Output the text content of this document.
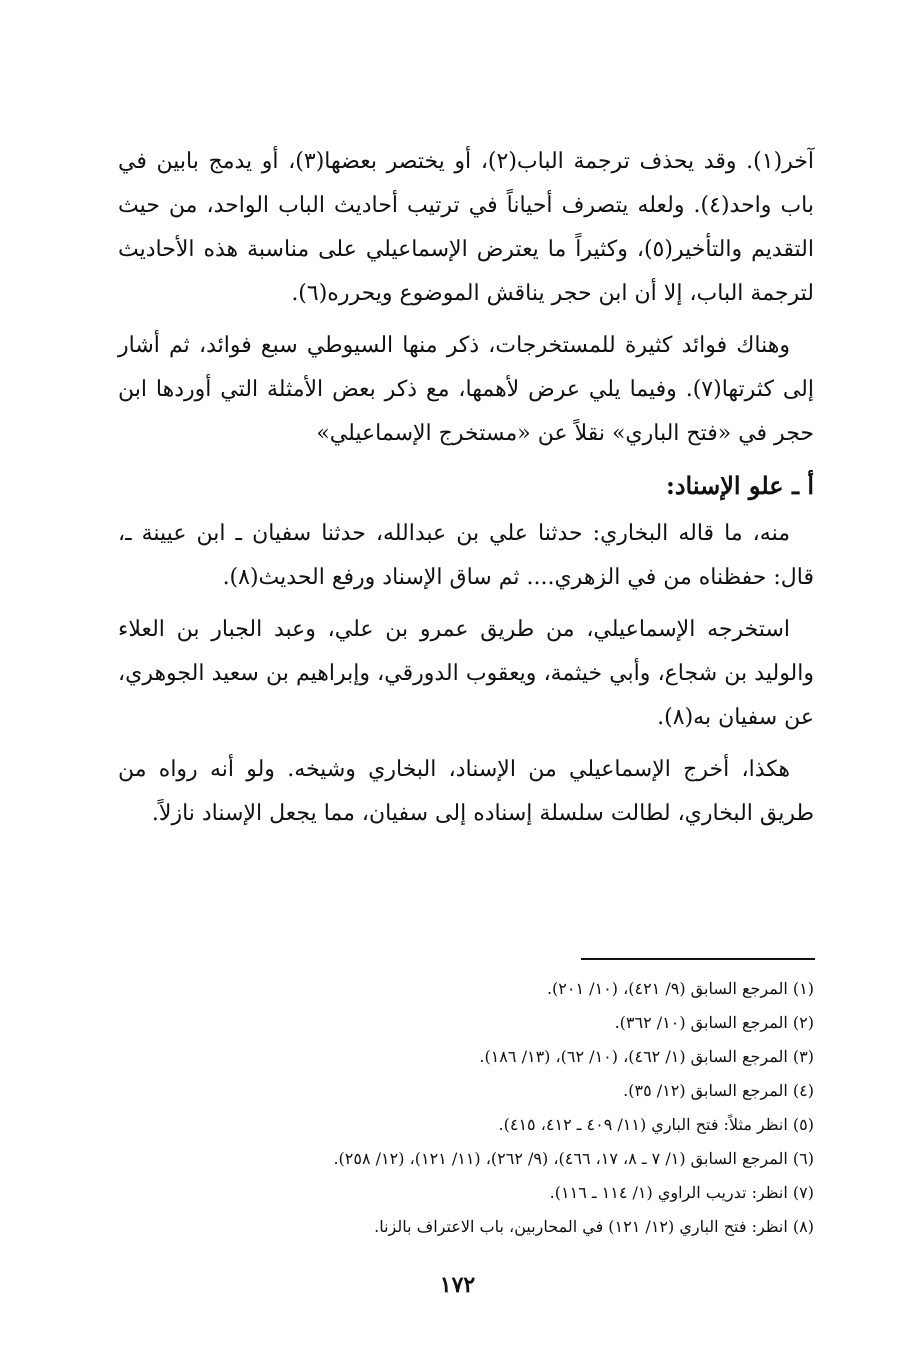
آخر(١). وقد يحذف ترجمة الباب(٢)، أو يختصر بعضها(٣)، أو يدمج بابين في باب واحد(٤). ولعله يتصرف أحياناً في ترتيب أحاديث الباب الواحد، من حيث التقديم والتأخير(٥)، وكثيراً ما يعترض الإسماعيلي على مناسبة هذه الأحاديث لترجمة الباب، إلا أن ابن حجر يناقش الموضوع ويحرره(٦).

وهناك فوائد كثيرة للمستخرجات، ذكر منها السيوطي سبع فوائد، ثم أشار إلى كثرتها(٧). وفيما يلي عرض لأهمها، مع ذكر بعض الأمثلة التي أوردها ابن حجر في «فتح الباري» نقلاً عن «مستخرج الإسماعيلي»

أ ـ علو الإسناد:

منه، ما قاله البخاري: حدثنا علي بن عبدالله، حدثنا سفيان ـ ابن عيينة ـ، قال: حفظناه من في الزهري.... ثم ساق الإسناد ورفع الحديث(٨).

استخرجه الإسماعيلي، من طريق عمرو بن علي، وعبد الجبار بن العلاء والوليد بن شجاع، وأبي خيثمة، ويعقوب الدورقي، وإبراهيم بن سعيد الجوهري، عن سفيان به(٨).

هكذا، أخرج الإسماعيلي من الإسناد، البخاري وشيخه. ولو أنه رواه من طريق البخاري، لطالت سلسلة إسناده إلى سفيان، مما يجعل الإسناد نازلاً.

(١) المرجع السابق (٩/ ٤٢١)، (١٠/ ٢٠١).

(٢) المرجع السابق (١٠/ ٣٦٢).

(٣) المرجع السابق (١/ ٤٦٢)، (١٠/ ٦٢)، (١٣/ ١٨٦).

(٤) المرجع السابق (١٢/ ٣٥).

(٥) انظر مثلاً: فتح الباري (١١/ ٤٠٩ ـ ٤١٢، ٤١٥).

(٦) المرجع السابق (١/ ٧ ـ ٨، ١٧، ٤٦٦)، (٩/ ٢٦٢)، (١١/ ١٢١)، (١٢/ ٢٥٨).

(٧) انظر: تدريب الراوي (١/ ١١٤ ـ ١١٦).

(٨) انظر: فتح الباري (١٢/ ١٢١) في المحاربين، باب الاعتراف بالزنا.

١٧٢
